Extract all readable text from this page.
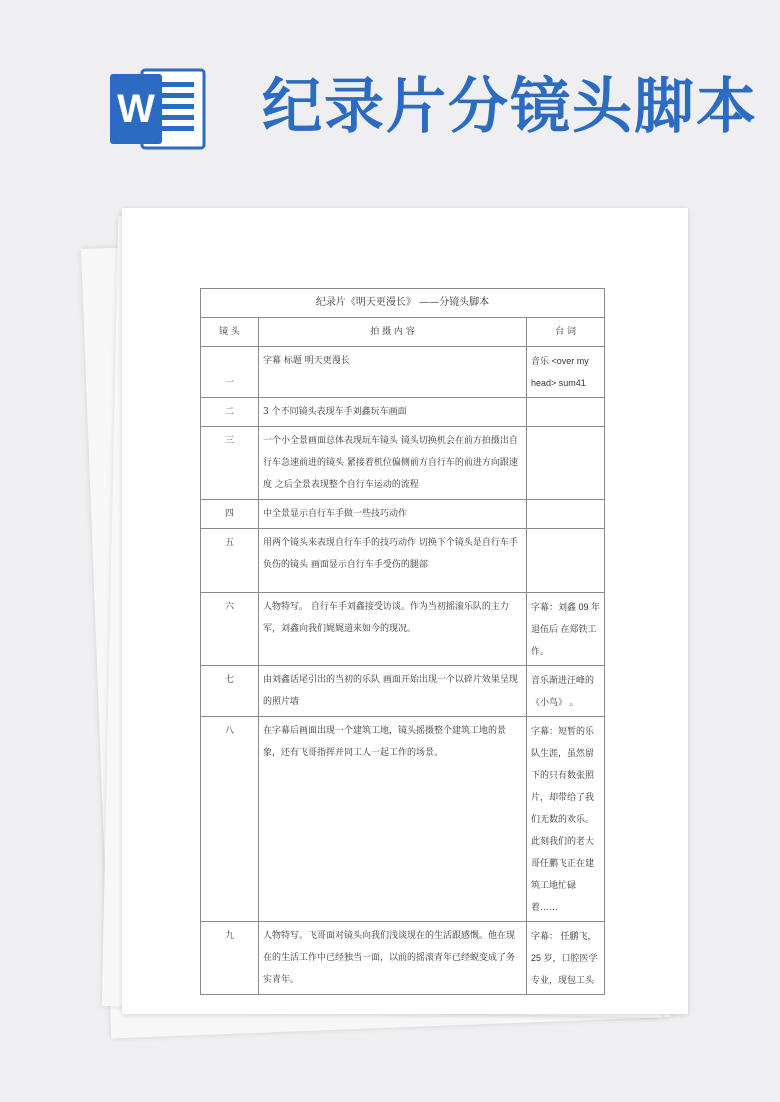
W 纪录片分镜头脚本
纪录片《明天更漫长》 ——分镜头脚本		
镜 头	拍 摄 内 容	台 词
一	字幕 标题 明天更漫长	音乐 <over my head> sum41
二	3 个不同镜头表现车手刘鑫玩车画面	
三	一个小全景画面总体表现玩车镜头 镜头切换机会在前方拍摄出自行车急速前进的镜头 紧接着机位偏侧前方自行车的前进方向跟速度 之后全景表现整个自行车运动的流程	
四	中全景显示自行车手做一些技巧动作	
五	用两个镜头来表现自行车手的技巧动作 切换下个镜头是自行车手负伤的镜头 画面显示自行车手受伤的腿部	
六	人物特写。 自行车手刘鑫接受访谈。作为当初摇滚乐队的主力军，刘鑫向我们娓娓道来如今的现况。	字幕：刘鑫 09 年退伍后 在郑铁工作。
七	由刘鑫话尾引出的当初的乐队 画面开始出现一个以碎片效果呈现的照片墙	音乐渐进汪峰的《小鸟》 。
八	在字幕后画面出现一个建筑工地，镜头摇摄整个建筑工地的景象，还有飞哥指挥并同工人一起工作的场景。	字幕：短暂的乐队生涯，虽然留下的只有数张照片，却带给了我们无数的欢乐。此刻我们的老大哥任鹏飞正在建筑工地忙碌着……
九	人物特写。飞哥面对镜头向我们浅谈现在的生活跟感慨。他在现在的生活工作中已经独当一面，以前的摇滚青年已经蜕变成了务实青年。	字幕： 任鹏飞，25 岁，口腔医学专业，现包工头
